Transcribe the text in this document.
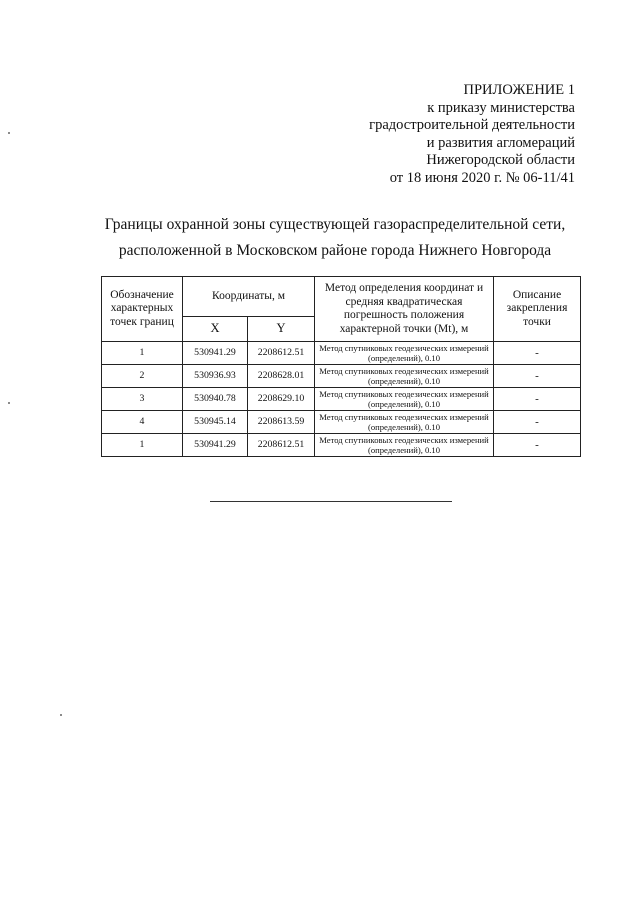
ПРИЛОЖЕНИЕ 1
к приказу министерства
градостроительной деятельности
и развития агломераций
Нижегородской области
от 18 июня 2020 г. № 06-11/41
Границы охранной зоны существующей газораспределительной сети,
расположенной в Московском районе города Нижнего Новгорода
Обозначение характерных точек границ	Координаты, м		Метод определения координат и средняя квадратическая погрешность положения характерной точки (Mt), м	Описание закрепления точки
	X	Y		
1	530941.29	2208612.51	Метод спутниковых геодезических измерений (определений), 0.10	-
2	530936.93	2208628.01	Метод спутниковых геодезических измерений (определений), 0.10	-
3	530940.78	2208629.10	Метод спутниковых геодезических измерений (определений), 0.10	-
4	530945.14	2208613.59	Метод спутниковых геодезических измерений (определений), 0.10	-
1	530941.29	2208612.51	Метод спутниковых геодезических измерений (определений), 0.10	-
